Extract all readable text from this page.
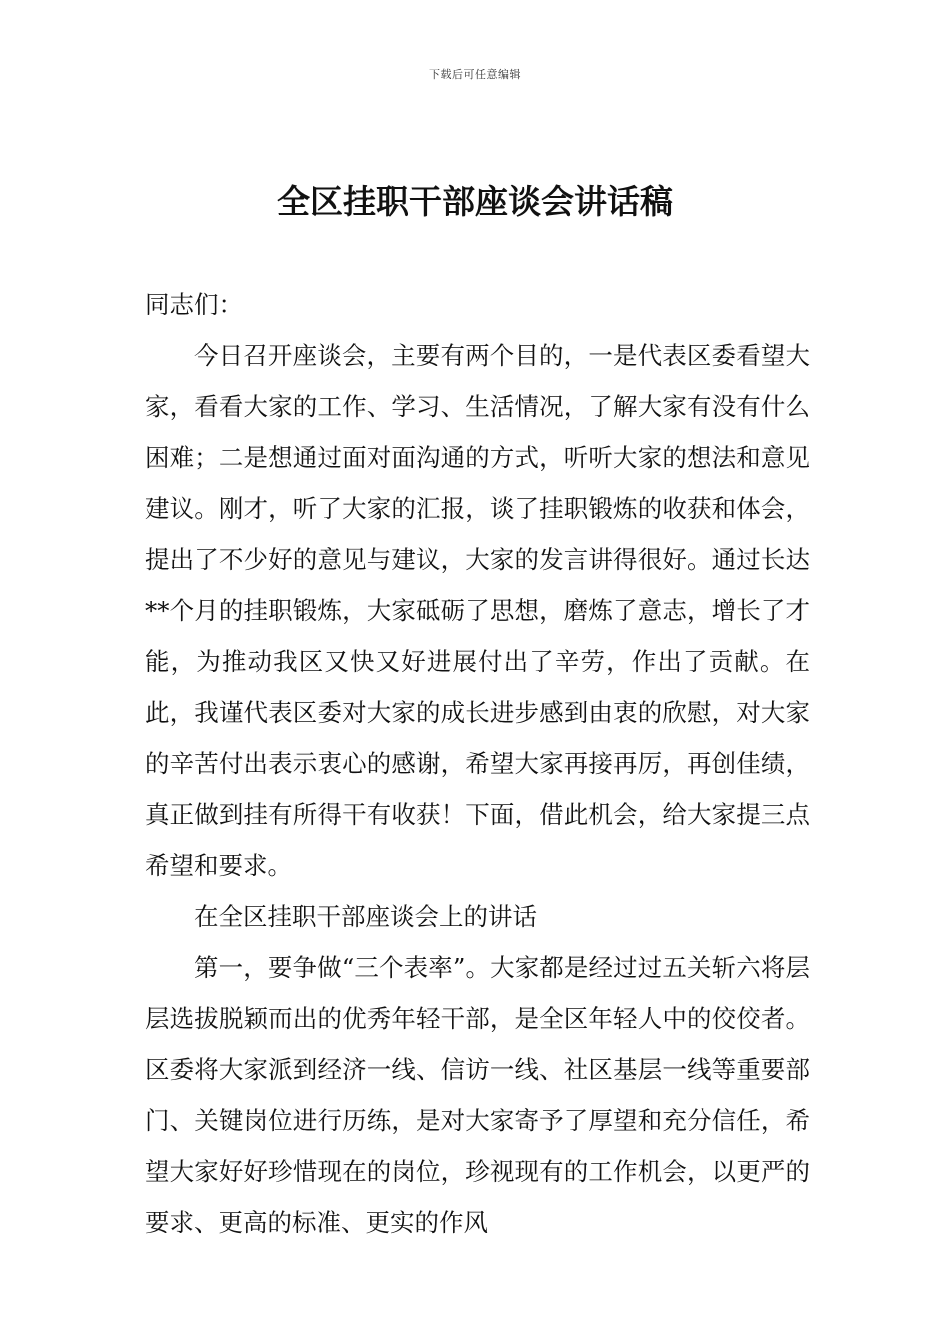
下载后可任意编辑
全区挂职干部座谈会讲话稿

同志们：

今日召开座谈会，主要有两个目的，一是代表区委看望大家，看看大家的工作、学习、生活情况，了解大家有没有什么困难；二是想通过面对面沟通的方式，听听大家的想法和意见建议。刚才，听了大家的汇报，谈了挂职锻炼的收获和体会，提出了不少好的意见与建议，大家的发言讲得很好。通过长达**个月的挂职锻炼，大家砥砺了思想，磨炼了意志，增长了才能，为推动我区又快又好进展付出了辛劳，作出了贡献。在此，我谨代表区委对大家的成长进步感到由衷的欣慰，对大家的辛苦付出表示衷心的感谢，希望大家再接再厉，再创佳绩，真正做到挂有所得干有收获！下面，借此机会，给大家提三点希望和要求。

在全区挂职干部座谈会上的讲话

第一，要争做“三个表率”。大家都是经过过五关斩六将层层选拔脱颖而出的优秀年轻干部，是全区年轻人中的佼佼者。区委将大家派到经济一线、信访一线、社区基层一线等重要部门、关键岗位进行历练，是对大家寄予了厚望和充分信任，希望大家好好珍惜现在的岗位，珍视现有的工作机会，以更严的要求、更高的标准、更实的作风
